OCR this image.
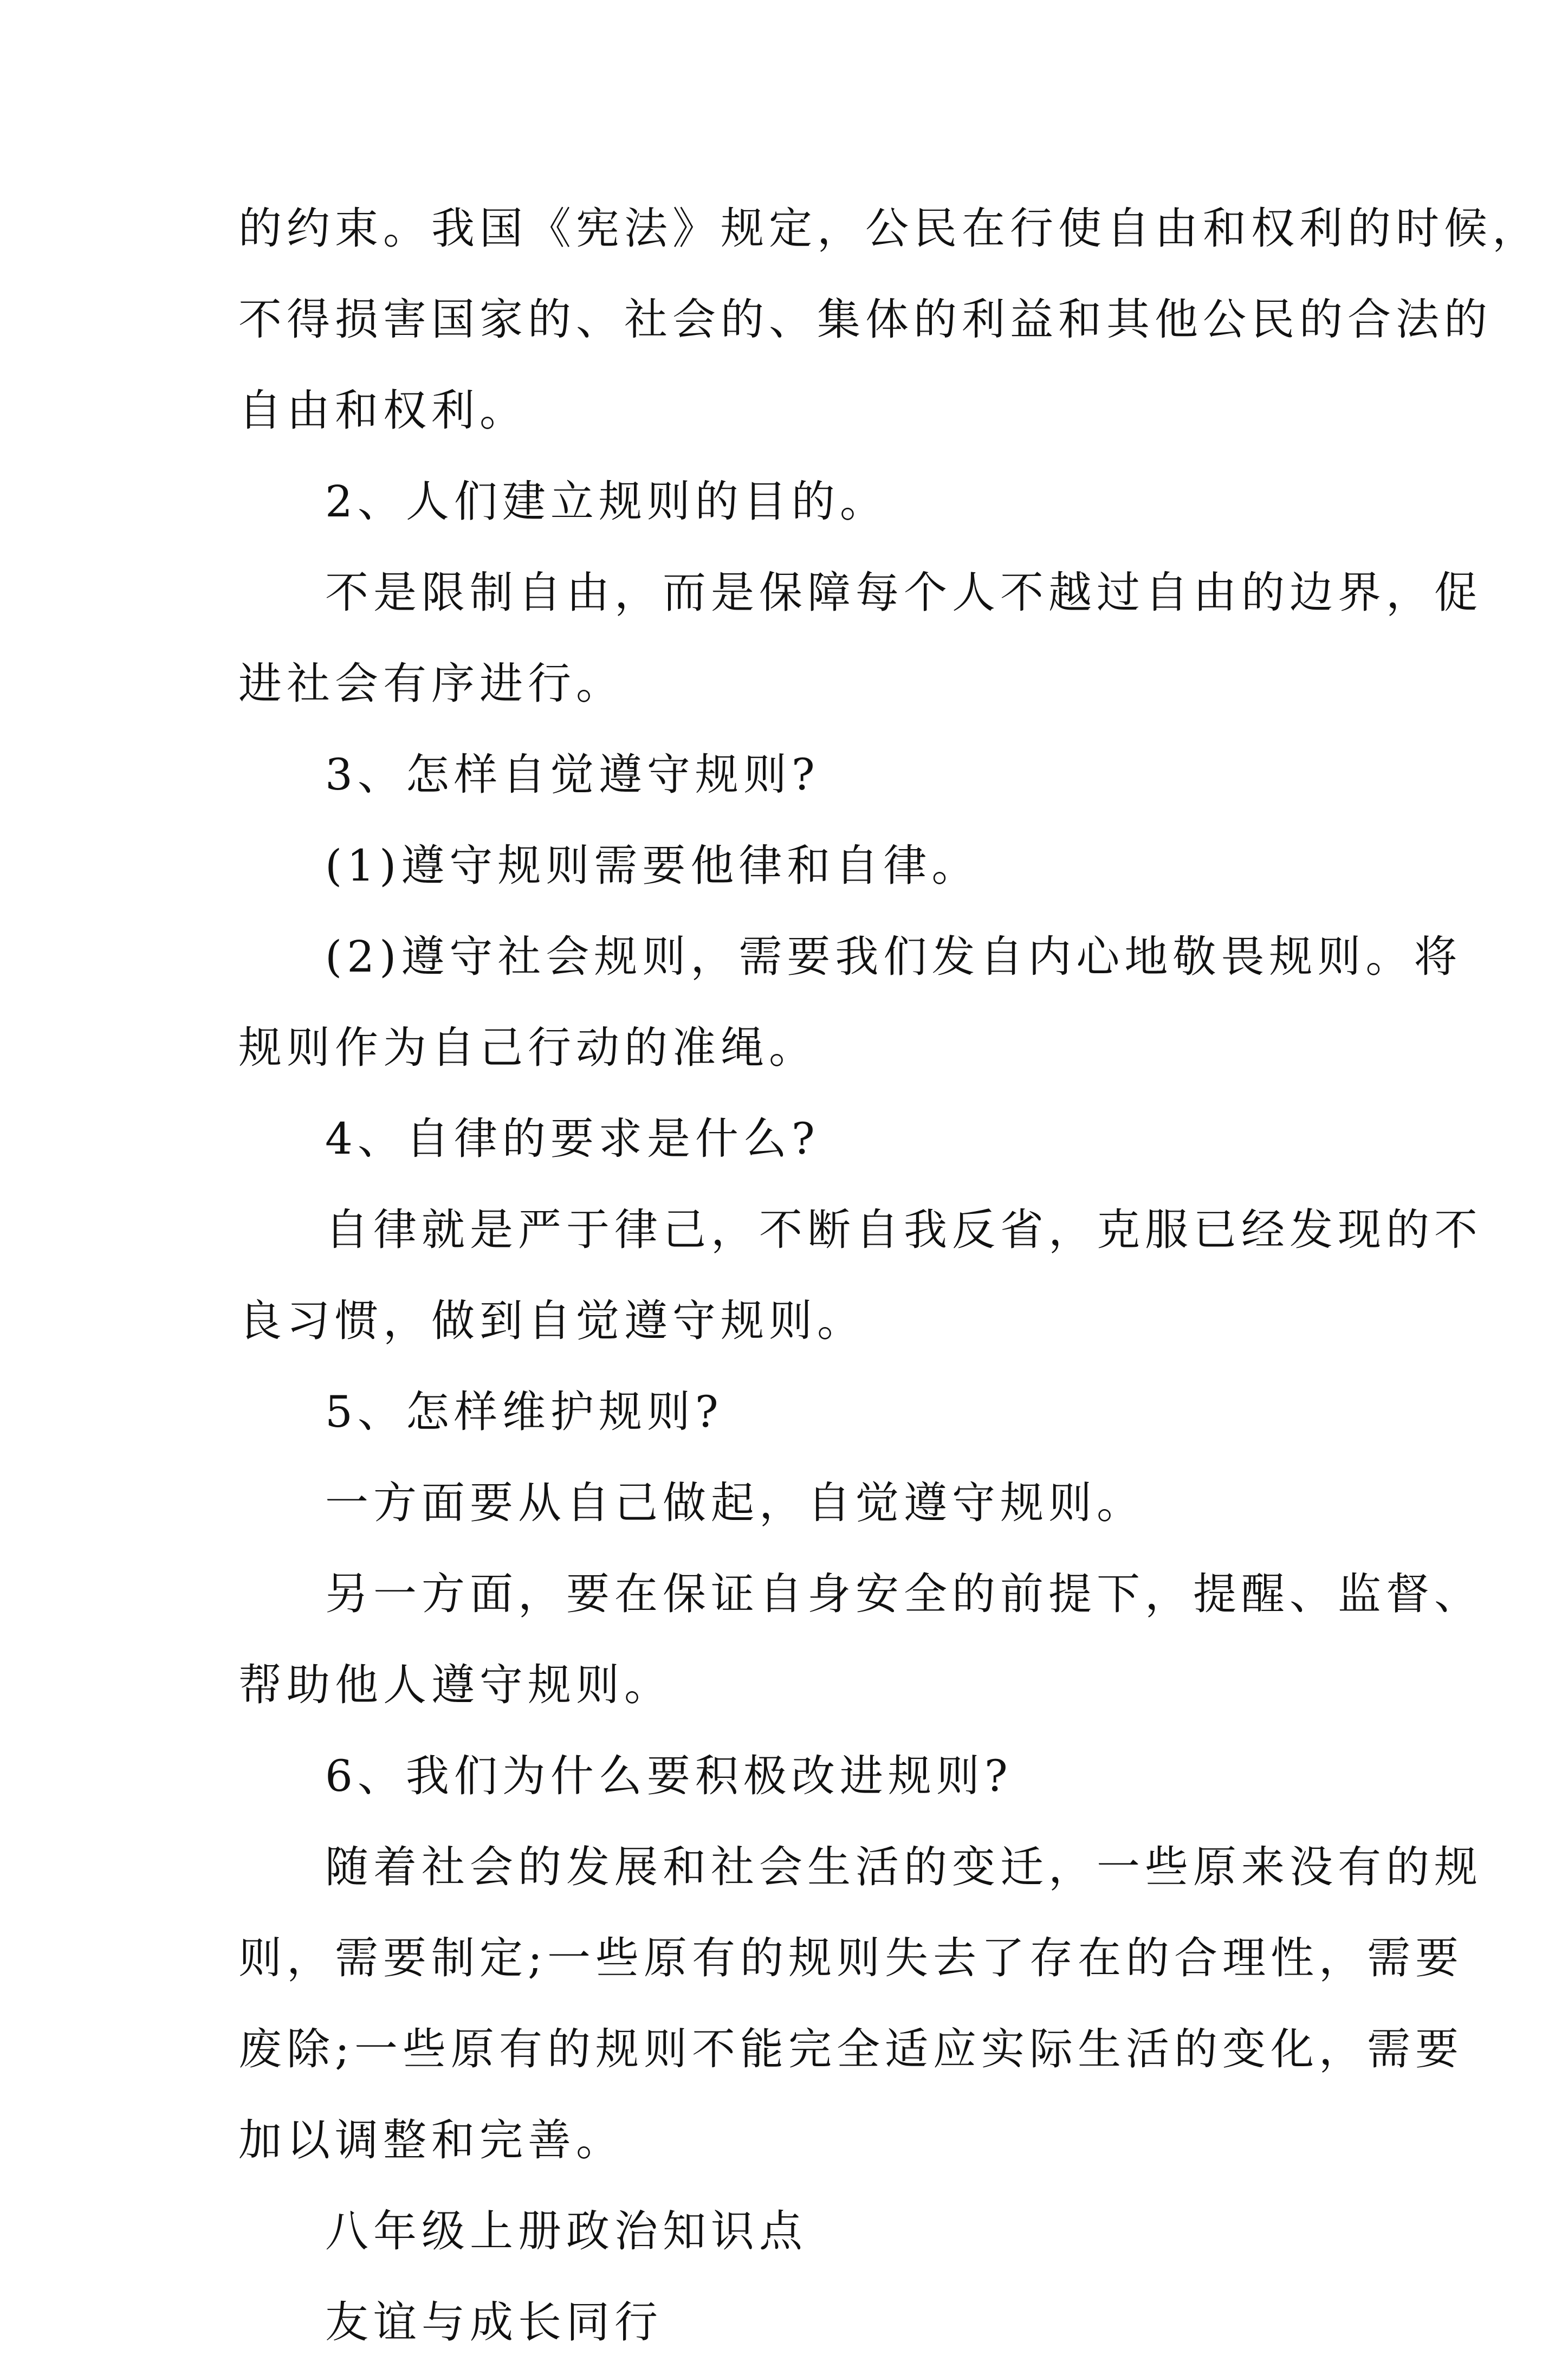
的约束。我国《宪法》规定，公民在行使自由和权利的时候，
不得损害国家的、社会的、集体的利益和其他公民的合法的
自由和权利。
2、人们建立规则的目的。
不是限制自由，而是保障每个人不越过自由的边界，促
进社会有序进行。
3、怎样自觉遵守规则?
(1)遵守规则需要他律和自律。
(2)遵守社会规则，需要我们发自内心地敬畏规则。将
规则作为自己行动的准绳。
4、自律的要求是什么?
自律就是严于律己，不断自我反省，克服已经发现的不
良习惯，做到自觉遵守规则。
5、怎样维护规则?
一方面要从自己做起，自觉遵守规则。
另一方面，要在保证自身安全的前提下，提醒、监督、
帮助他人遵守规则。
6、我们为什么要积极改进规则?
随着社会的发展和社会生活的变迁，一些原来没有的规
则，需要制定;一些原有的规则失去了存在的合理性，需要
废除;一些原有的规则不能完全适应实际生活的变化，需要
加以调整和完善。
八年级上册政治知识点
友谊与成长同行
